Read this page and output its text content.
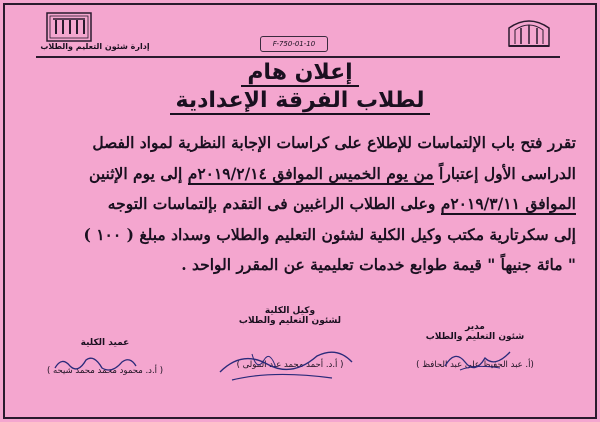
إدارة شئون التعليم والطلاب	F-750-01-10
إعلان هام
لطلاب الفرقة الإعدادية
تقرر فتح باب الإلتماسات للإطلاع على كراسات الإجابة النظرية لمواد الفصل
الدراسى الأول إعتباراً من يوم الخميس الموافق ٢٠١٩/٢/١٤م إلى يوم الإثنين
الموافق ٢٠١٩/٣/١١م وعلى الطلاب الراغبين فى التقدم بإلتماسات التوجه
إلى سكرتارية مكتب وكيل الكلية لشئون التعليم والطلاب وسداد مبلغ ( ١٠٠ )
" مائة جنيهاً " قيمة طوابع خدمات تعليمية عن المقرر الواحد .
مدير
شئون التعليم والطلاب
( أ. عبد الحفيظ على عبد الحافظ)
وكيل الكلية
لشئون التعليم والطلاب
( أ.د. أحمد محمد عبد المولى )
عميد الكلية
( أ.د. محمود محمد محمد شيحه )
